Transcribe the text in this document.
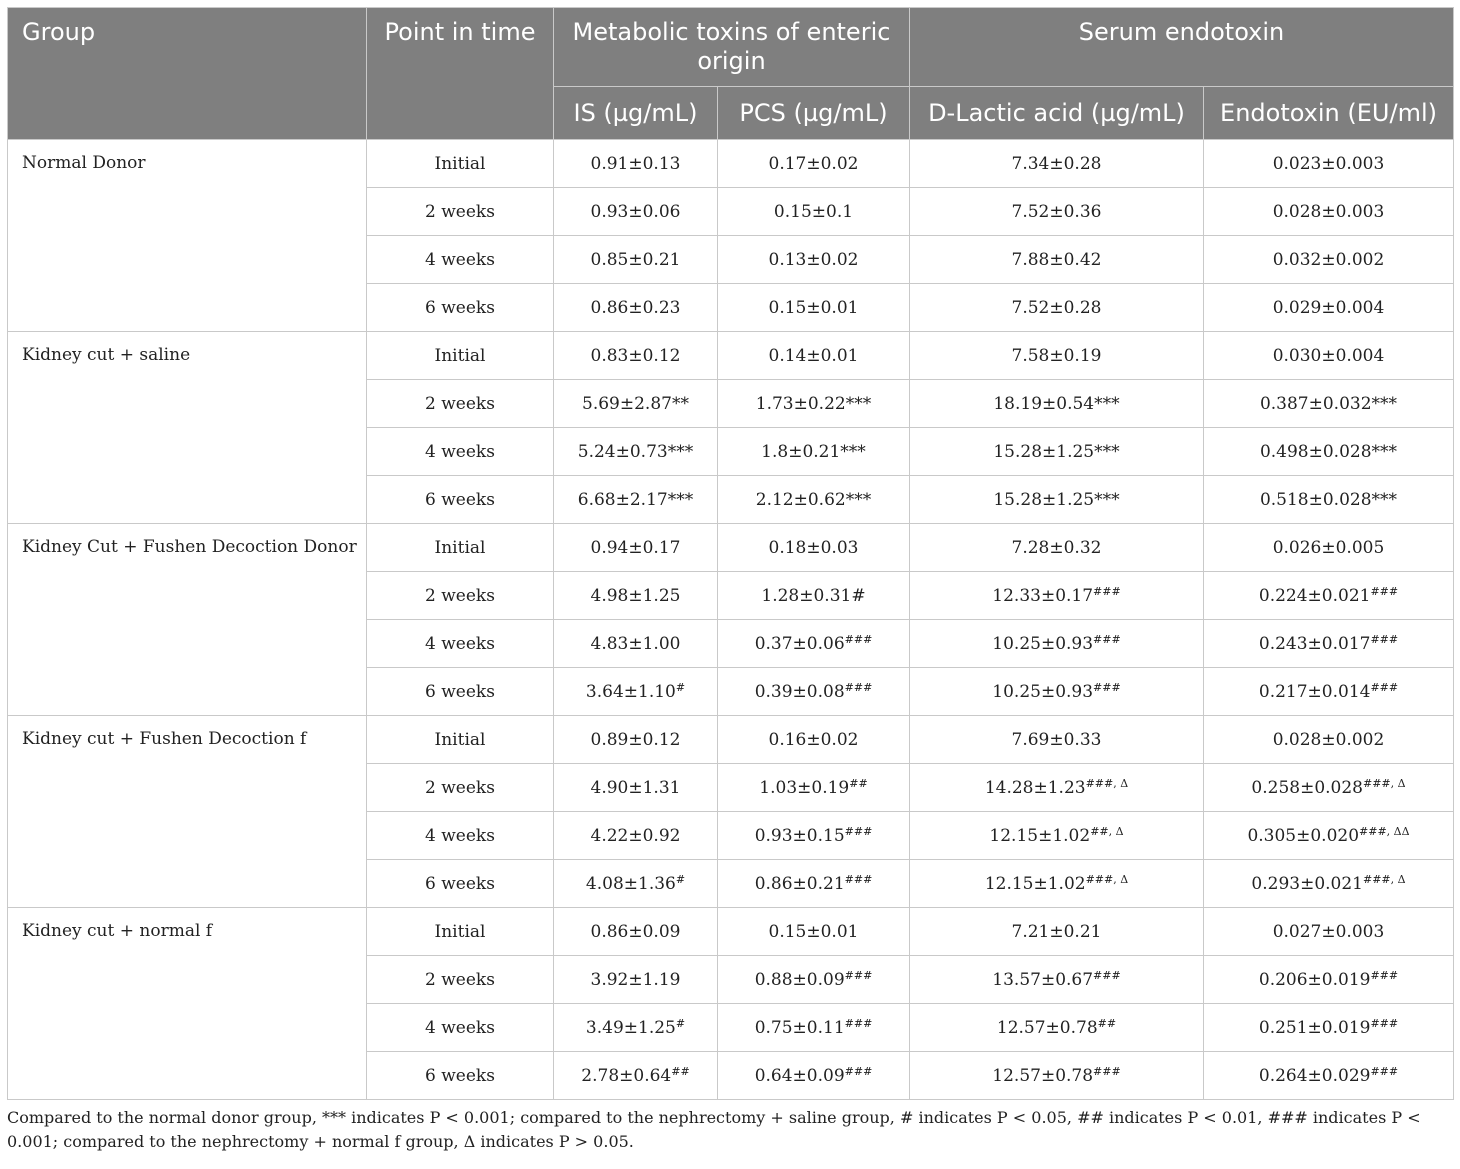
Group	Point in time	Metabolic toxins of enteric origin		Serum endotoxin	
		IS (µg/mL)	PCS (µg/mL)	D-Lactic acid (µg/mL)	Endotoxin (EU/ml)
Normal Donor	Initial	0.91±0.13	0.17±0.02	7.34±0.28	0.023±0.003
	2 weeks	0.93±0.06	0.15±0.1	7.52±0.36	0.028±0.003
	4 weeks	0.85±0.21	0.13±0.02	7.88±0.42	0.032±0.002
	6 weeks	0.86±0.23	0.15±0.01	7.52±0.28	0.029±0.004
Kidney cut + saline	Initial	0.83±0.12	0.14±0.01	7.58±0.19	0.030±0.004
	2 weeks	5.69±2.87**	1.73±0.22***	18.19±0.54***	0.387±0.032***
	4 weeks	5.24±0.73***	1.8±0.21***	15.28±1.25***	0.498±0.028***
	6 weeks	6.68±2.17***	2.12±0.62***	15.28±1.25***	0.518±0.028***
Kidney Cut + Fushen Decoction Donor	Initial	0.94±0.17	0.18±0.03	7.28±0.32	0.026±0.005
	2 weeks	4.98±1.25	1.28±0.31#	12.33±0.17###	0.224±0.021###
	4 weeks	4.83±1.00	0.37±0.06###	10.25±0.93###	0.243±0.017###
	6 weeks	3.64±1.10#	0.39±0.08###	10.25±0.93###	0.217±0.014###
Kidney cut + Fushen Decoction f	Initial	0.89±0.12	0.16±0.02	7.69±0.33	0.028±0.002
	2 weeks	4.90±1.31	1.03±0.19##	$14.28\pm 1.23^{\#\#\#, \Delta}$	$0.258\pm 0.028^{\#\#\#, \Delta}$
	4 weeks	4.22±0.92	0.93±0.15###	$12.15\pm 1.02^{\#\#, \Delta}$	$0.305\pm 0.020^{\#\#\#, \Delta\Delta}$
	6 weeks	4.08±1.36#	0.86±0.21###	$12.15\pm 1.02^{\#\#\#, \Delta}$	$0.293\pm 0.021^{\#\#\#, \Delta}$
Kidney cut + normal f	Initial	0.86±0.09	0.15±0.01	7.21±0.21	0.027±0.003
	2 weeks	3.92±1.19	0.88±0.09###	13.57±0.67###	0.206±0.019###
	4 weeks	3.49±1.25#	0.75±0.11###	12.57±0.78##	0.251±0.019###
	6 weeks	2.78±0.64##	0.64±0.09###	12.57±0.78###	0.264±0.029###
Compared to the normal donor group, *** indicates P < 0.001; compared to the nephrectomy + saline group, # indicates P < 0.05, ## indicates P < 0.01, ### indicates P < 0.001; compared to the nephrectomy + normal f group, Δ indicates P > 0.05.
